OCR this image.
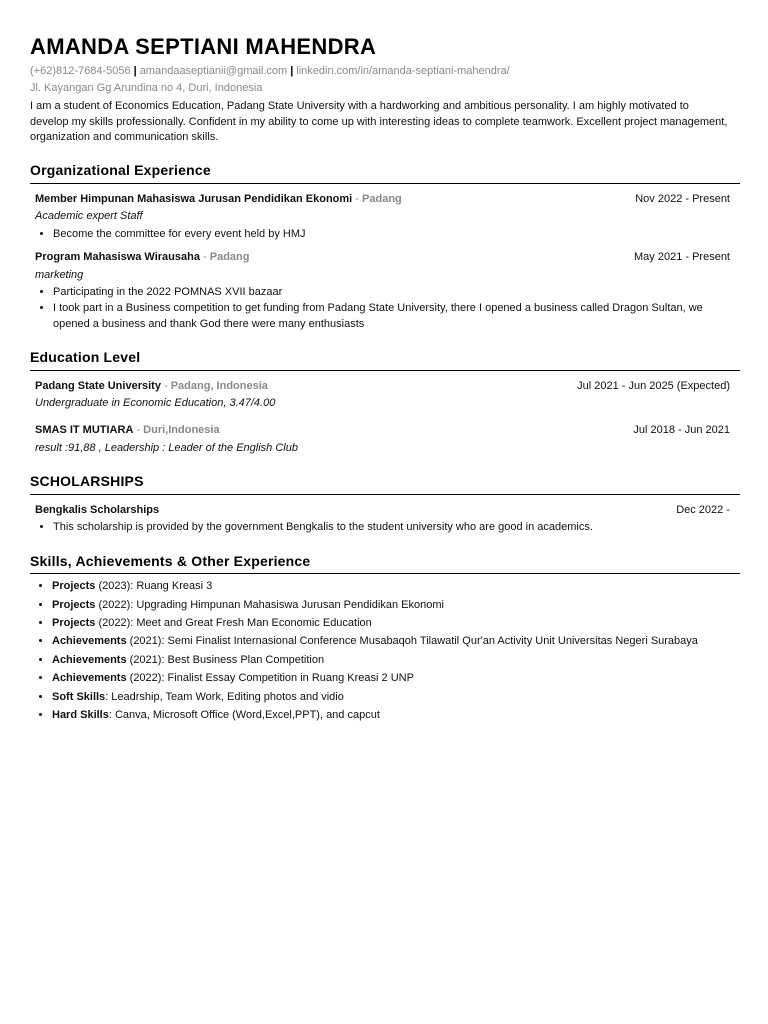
AMANDA SEPTIANI MAHENDRA
(+62)812-7684-5056 | amandaaseptianii@gmail.com | linkedin.com/in/amanda-septiani-mahendra/
Jl. Kayangan Gg Arundina no 4, Duri, Indonesia
I am a student of Economics Education, Padang State University with a hardworking and ambitious personality. I am highly motivated to develop my skills professionally. Confident in my ability to come up with interesting ideas to complete teamwork. Excellent project management, organization and communication skills.
Organizational Experience
Member Himpunan Mahasiswa Jurusan Pendidikan Ekonomi - Padang	Nov 2022 - Present
Academic expert Staff
• Become the committee for every event held by HMJ
Program Mahasiswa Wirausaha - Padang	May 2021 - Present
marketing
• Participating in the 2022 POMNAS XVII bazaar
• I took part in a Business competition to get funding from Padang State University, there I opened a business called Dragon Sultan, we opened a business and thank God there were many enthusiasts
Education Level
Padang State University - Padang, Indonesia	Jul 2021 - Jun 2025 (Expected)
Undergraduate in Economic Education, 3.47/4.00
SMAS IT MUTIARA - Duri,Indonesia	Jul 2018 - Jun 2021
result :91,88 , Leadership : Leader of the English Club
SCHOLARSHIPS
Bengkalis Scholarships	Dec 2022 -
• This scholarship is provided by the government Bengkalis to the student university who are good in academics.
Skills, Achievements & Other Experience
• Projects (2023): Ruang Kreasi 3
• Projects (2022): Upgrading Himpunan Mahasiswa Jurusan Pendidikan Ekonomi
• Projects (2022): Meet and Great Fresh Man Economic Education
• Achievements (2021): Semi Finalist Internasional Conference Musabaqoh Tilawatil Qur'an Activity Unit Universitas Negeri Surabaya
• Achievements (2021): Best Business Plan Competition
• Achievements (2022): Finalist Essay Competition in Ruang Kreasi 2 UNP
• Soft Skills: Leadrship, Team Work, Editing photos and vidio
• Hard Skills: Canva, Microsoft Office (Word,Excel,PPT), and capcut
